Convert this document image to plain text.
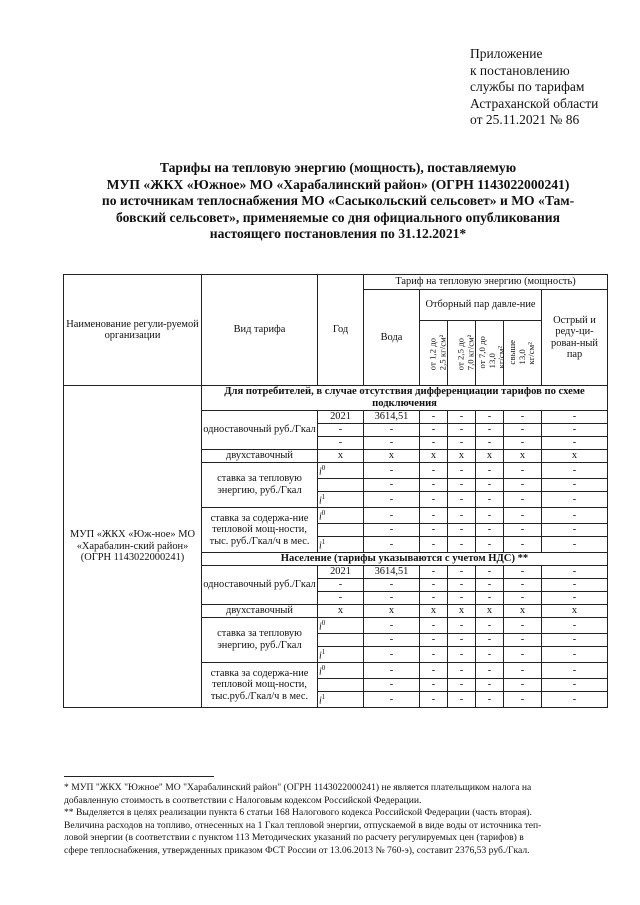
Приложение
к постановлению
службы по тарифам
Астраханской области
от 25.11.2021 № 86
Тарифы на тепловую энергию (мощность), поставляемую
МУП «ЖКХ «Южное» МО «Харабалинский район» (ОГРН 1143022000241)
по источникам теплоснабжения МО «Сасыкольский сельсовет» и МО «Там-
бовский сельсовет», применяемые со дня официального опубликования
настоящего постановления по 31.12.2021*
Наименование регули-руемой организации	Вид тарифа	Год	Тариф на тепловую энергию (мощность)					
			Вода	Отборный пар давле-ние				Острый и реду-ци-рован-ный пар

				от 1,2 до 2,5 кг/см²	от 2,5 до 7,0 кг/см²	от 7,0 до 13,0 кг/см²	свыше 13,0 кг/см²	

МУП «ЖКХ «Юж-ное» МО «Харабалин-ский район» (ОГРН 1143022000241)	Для потребителей, в случае отсутствия дифференциации тарифов по схеме подключения							
	одноставочный руб./Гкал	2021	3614,51	-	-	-	-	-
		-	-	-	-	-	-	-
		-	-	-	-	-	-	-
	двухставочный	x	x	x	x	x	x	x
	ставка за тепловую энергию, руб./Гкал	$i^0$	-	-	-	-	-	-
			-	-	-	-	-	-
		$i^1$	-	-	-	-	-	-
	ставка за содержа-ние тепловой мощ-ности, тыс. руб./Гкал/ч в мес.	$i^0$	-	-	-	-	-	-
			-	-	-	-	-	-
		$i^1$	-	-	-	-	-	-
	Население (тарифы указываются с учетом НДС) **							
	одноставочный руб./Гкал	2021	3614,51	-	-	-	-	-
		-	-	-	-	-	-	-
		-	-	-	-	-	-	-
	двухставочный	x	x	x	x	x	x	x
	ставка за тепловую энергию, руб./Гкал	$i^0$	-	-	-	-	-	-
			-	-	-	-	-	-
		$i^1$	-	-	-	-	-	-
	ставка за содержа-ние тепловой мощ-ности, тыс.руб./Гкал/ч в мес.	$i^0$	-	-	-	-	-	-
			-	-	-	-	-	-
		$i^1$	-	-	-	-	-	-
* МУП "ЖКХ "Южное" МО "Харабалинский район" (ОГРН 1143022000241) не является плательщиком налога на
добавленную стоимость в соответствии с Налоговым кодексом Российской Федерации.
** Выделяется в целях реализации пункта 6 статьи 168 Налогового кодекса Российской Федерации (часть вторая).
Величина расходов на топливо, отнесенных на 1 Гкал тепловой энергии, отпускаемой в виде воды от источника теп-
ловой энергии (в соответствии с пунктом 113 Методических указаний по расчету регулируемых цен (тарифов) в
сфере теплоснабжения, утвержденных приказом ФСТ России от 13.06.2013 № 760-э), составит 2376,53 руб./Гкал.
